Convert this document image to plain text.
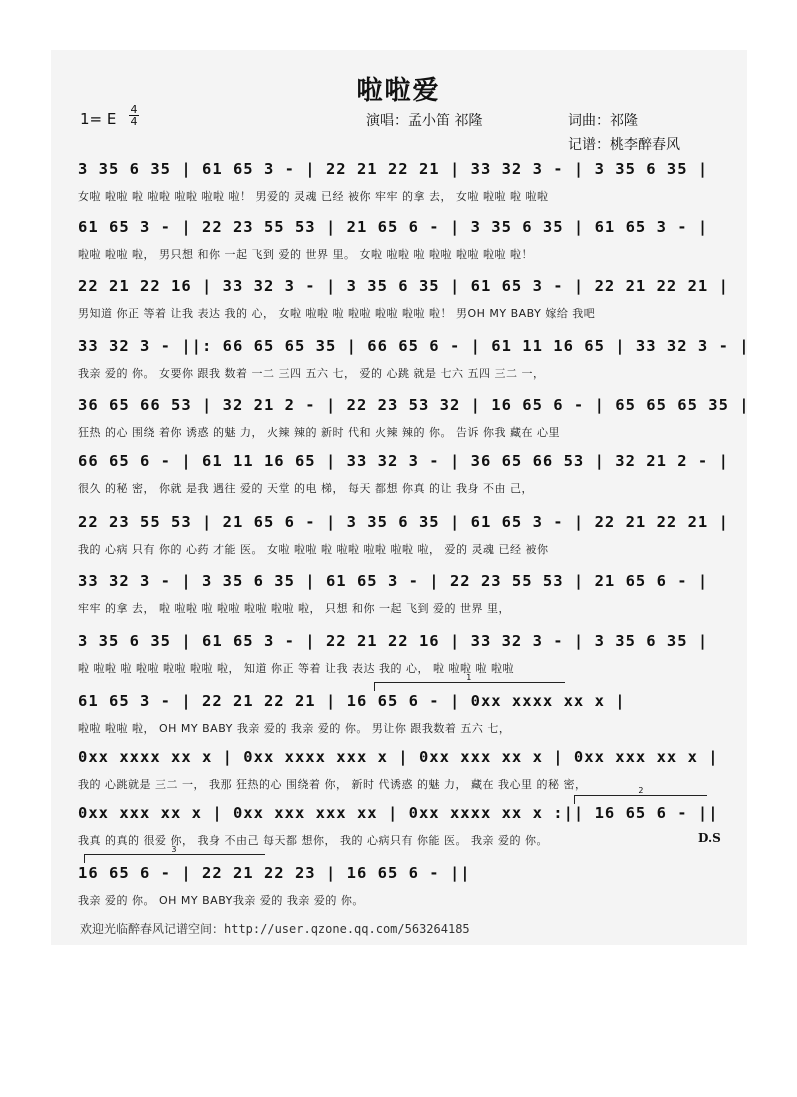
啦啦爱
1= E
4
4	演唱：孟小笛 祁隆	词曲：祁隆
记谱：桃李醉春风
3 35 6 35 | 61 65 3 - | 22 21 22 21 | 33 32 3 - | 3 35 6 35 |
女啦 啦啦 啦 啦啦 啦啦 啦啦 啦！ 男爱的 灵魂 已经 被你 牢牢 的拿 去， 女啦 啦啦 啦 啦啦
61 65 3 - | 22 23 55 53 | 21 65 6 - | 3 35 6 35 | 61 65 3 - |
啦啦 啦啦 啦， 男只想 和你 一起 飞到 爱的 世界 里。 女啦 啦啦 啦 啦啦 啦啦 啦啦 啦！
22 21 22 16 | 33 32 3 - | 3 35 6 35 | 61 65 3 - | 22 21 22 21 |
男知道 你正 等着 让我 表达 我的 心， 女啦 啦啦 啦 啦啦 啦啦 啦啦 啦！ 男OH MY BABY 嫁给 我吧
33 32 3 - ||: 66 65 65 35 | 66 65 6 - | 61 11 16 65 | 33 32 3 - |
我亲 爱的 你。 女要你 跟我 数着 一二 三四 五六 七， 爱的 心跳 就是 七六 五四 三二 一，
36 65 66 53 | 32 21 2 - | 22 23 53 32 | 16 65 6 - | 65 65 65 35 |
狂热 的心 围绕 着你 诱惑 的魅 力， 火辣 辣的 新时 代和 火辣 辣的 你。 告诉 你我 藏在 心里
66 65 6 - | 61 11 16 65 | 33 32 3 - | 36 65 66 53 | 32 21 2 - |
很久 的秘 密， 你就 是我 遇往 爱的 天堂 的电 梯， 每天 都想 你真 的让 我身 不由 己，
22 23 55 53 | 21 65 6 - | 3 35 6 35 | 61 65 3 - | 22 21 22 21 |
我的 心病 只有 你的 心药 才能 医。 女啦 啦啦 啦 啦啦 啦啦 啦啦 啦， 爱的 灵魂 已经 被你
33 32 3 - | 3 35 6 35 | 61 65 3 - | 22 23 55 53 | 21 65 6 - |
牢牢 的拿 去， 啦 啦啦 啦 啦啦 啦啦 啦啦 啦， 只想 和你 一起 飞到 爱的 世界 里，
3 35 6 35 | 61 65 3 - | 22 21 22 16 | 33 32 3 - | 3 35 6 35 |
啦 啦啦 啦 啦啦 啦啦 啦啦 啦， 知道 你正 等着 让我 表达 我的 心， 啦 啦啦 啦 啦啦
1
61 65 3 - | 22 21 22 21 | 16 65 6 - | 0xx xxxx xx x |
啦啦 啦啦 啦， OH MY BABY 我亲 爱的 我亲 爱的 你。 男让你 跟我数着 五六 七，
0xx xxxx xx x | 0xx xxxx xxx x | 0xx xxx xx x | 0xx xxx xx x |
我的 心跳就是 三二 一， 我那 狂热的心 围绕着 你， 新时 代诱惑 的魅 力， 藏在 我心里 的秘 密，	2
0xx xxx xx x | 0xx xxx xxx xx | 0xx xxxx xx x :|| 16 65 6 - ||
我真 的真的 很爱 你， 我身 不由己 每天都 想你， 我的 心病只有 你能 医。 我亲 爱的 你。	D.S
3
16 65 6 - | 22 21 22 23 | 16 65 6 - ||
我亲 爱的 你。 OH MY BABY我亲 爱的 我亲 爱的 你。
欢迎光临醉春风记谱空间：http://user.qzone.qq.com/563264185
